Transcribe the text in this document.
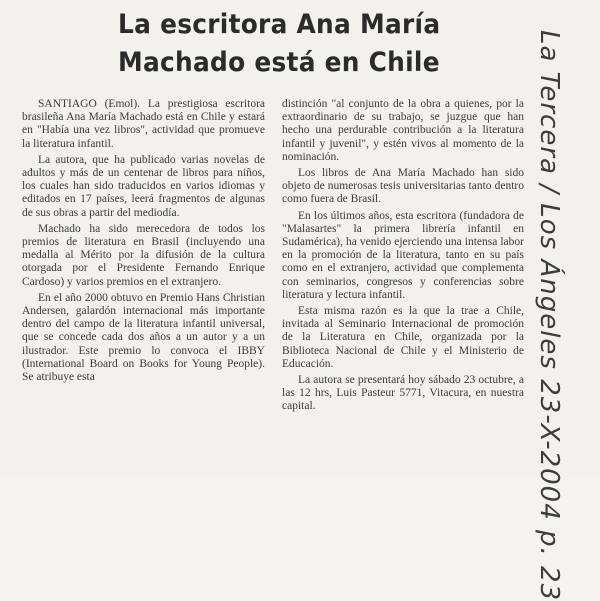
La escritora Ana María
Machado está en Chile

SANTIAGO (Emol). La prestigiosa escritora brasileña Ana María Machado está en Chile y estará en "Había una vez libros", actividad que promueve la literatura infantil.

La autora, que ha publicado varias novelas de adultos y más de un centenar de libros para niños, los cuales han sido traducidos en varios idiomas y editados en 17 países, leerá fragmentos de algunas de sus obras a partir del mediodía.

Machado ha sido merecedora de todos los premios de literatura en Brasil (incluyendo una medalla al Mérito por la difusión de la cultura otorgada por el Presidente Fernando Enrique Cardoso) y varios premios en el extranjero.

En el año 2000 obtuvo en Premio Hans Christian Andersen, galardón internacional más importante dentro del campo de la literatura infantil universal, que se concede cada dos años a un autor y a un ilustrador. Este premio lo convoca el IBBY (International Board on Books for Young People). Se atribuye esta

distinción "al conjunto de la obra a quienes, por la extraordinario de su trabajo, se juzgue que han hecho una perdurable contribución a la literatura infantil y juvenil", y estén vivos al momento de la nominación.

Los libros de Ana María Machado han sido objeto de numerosas tesis universitarias tanto dentro como fuera de Brasil.

En los últimos años, esta escritora (fundadora de "Malasartes" la primera librería infantil en Sudamérica), ha venido ejerciendo una intensa labor en la promoción de la literatura, tanto en su país como en el extranjero, actividad que complementa con seminarios, congresos y conferencias sobre literatura y lectura infantil.

Esta misma razón es la que la trae a Chile, invitada al Seminario Internacional de promoción de la Literatura en Chile, organizada por la Biblioteca Nacional de Chile y el Ministerio de Educación.

La autora se presentará hoy sábado 23 octubre, a las 12 hrs, Luis Pasteur 5771, Vitacura, en nuestra capital.	La Tercera / Los Ángeles 23-X-2004 p. 23
